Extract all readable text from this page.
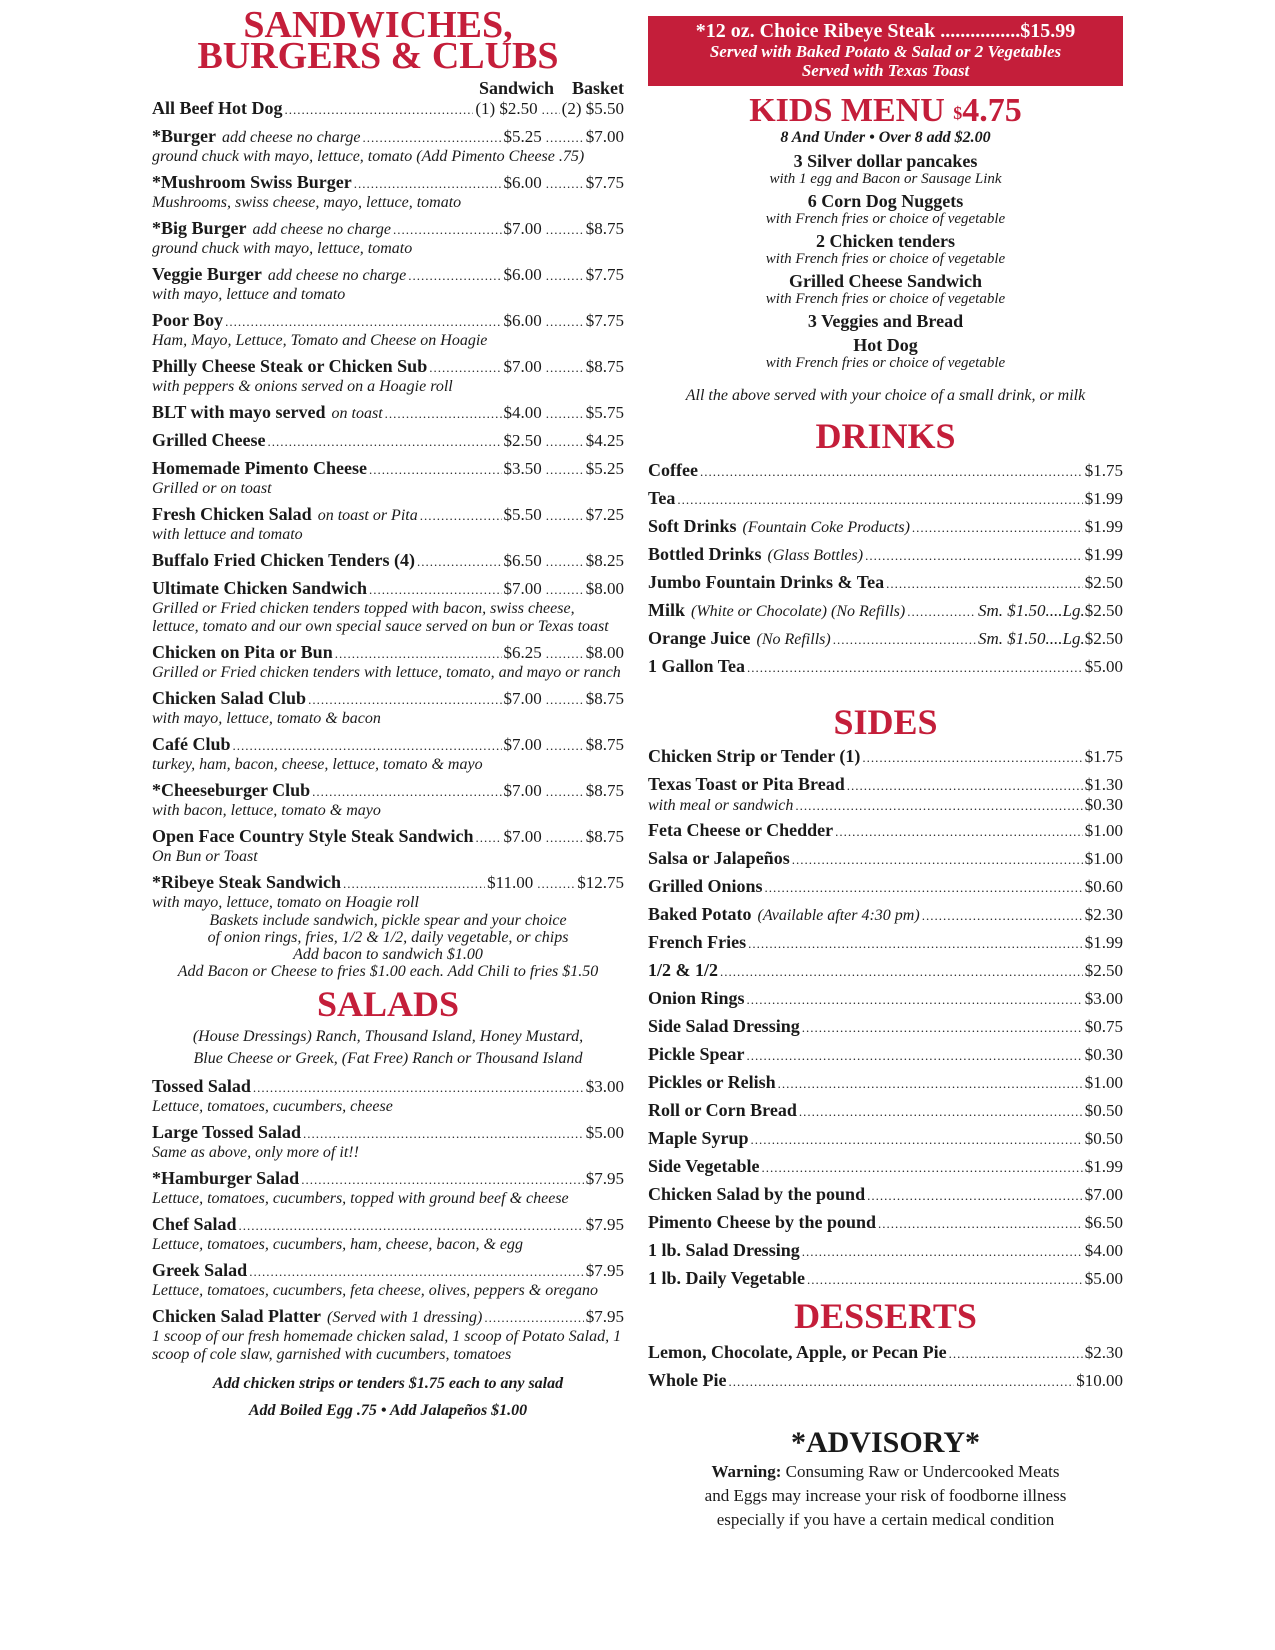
SANDWICHES,
BURGERS & CLUBS
Sandwich Basket
All Beef Hot Dog .....	(1) $2.50 ..... (2) $5.50
*Burger add cheese no charge .....	$5.25 .....	$7.00
ground chuck with mayo, lettuce, tomato (Add Pimento Cheese .75)
*Mushroom Swiss Burger .....	$6.00 .....	$7.75
Mushrooms, swiss cheese, mayo, lettuce, tomato
*Big Burger add cheese no charge .....	$7.00 .....	$8.75
ground chuck with mayo, lettuce, tomato
Veggie Burger add cheese no charge .....	$6.00 .....	$7.75
with mayo, lettuce and tomato
Poor Boy .....	$6.00 .....	$7.75
Ham, Mayo, Lettuce, Tomato and Cheese on Hoagie
Philly Cheese Steak or Chicken Sub .....	$7.00 .....	$8.75
with peppers & onions served on a Hoagie roll
BLT with mayo served on toast .....	$4.00 .....	$5.75
Grilled Cheese .....	$2.50 .....	$4.25
Homemade Pimento Cheese .....	$3.50 .....	$5.25
Grilled or on toast
Fresh Chicken Salad on toast or Pita .....	$5.50 .....	$7.25
with lettuce and tomato
Buffalo Fried Chicken Tenders (4) .....	$6.50 .....	$8.25
Ultimate Chicken Sandwich .....	$7.00 .....	$8.00
Grilled or Fried chicken tenders topped with bacon, swiss cheese, lettuce, tomato and our own special sauce served on bun or Texas toast
Chicken on Pita or Bun .....	$6.25 .....	$8.00
Grilled or Fried chicken tenders with lettuce, tomato, and mayo or ranch
Chicken Salad Club .....	$7.00 .....	$8.75
with mayo, lettuce, tomato & bacon
Café Club .....	$7.00 .....	$8.75
turkey, ham, bacon, cheese, lettuce, tomato & mayo
*Cheeseburger Club .....	$7.00 .....	$8.75
with bacon, lettuce, tomato & mayo
Open Face Country Style Steak Sandwich ..... $7.00 .....	$8.75
On Bun or Toast
*Ribeye Steak Sandwich .....	$11.00 .....	$12.75
with mayo, lettuce, tomato on Hoagie roll
Baskets include sandwich, pickle spear and your choice
of onion rings, fries, 1/2 & 1/2, daily vegetable, or chips
Add bacon to sandwich $1.00
Add Bacon or Cheese to fries $1.00 each. Add Chili to fries $1.50
SALADS
(House Dressings) Ranch, Thousand Island, Honey Mustard,
Blue Cheese or Greek, (Fat Free) Ranch or Thousand Island
Tossed Salad .....	$3.00
Lettuce, tomatoes, cucumbers, cheese
Large Tossed Salad .....	$5.00
Same as above, only more of it!!
*Hamburger Salad .....	$7.95
Lettuce, tomatoes, cucumbers, topped with ground beef & cheese
Chef Salad .....	$7.95
Lettuce, tomatoes, cucumbers, ham, cheese, bacon, & egg
Greek Salad .....	$7.95
Lettuce, tomatoes, cucumbers, feta cheese, olives, peppers & oregano
Chicken Salad Platter (Served with 1 dressing) .....	$7.95
1 scoop of our fresh homemade chicken salad, 1 scoop of Potato Salad, 1 scoop of cole slaw, garnished with cucumbers, tomatoes
Add chicken strips or tenders $1.75 each to any salad
Add Boiled Egg .75 • Add Jalapeños $1.00
*12 oz. Choice Ribeye Steak ................$15.99
Served with Baked Potato & Salad or 2 Vegetables
Served with Texas Toast
KIDS MENU $4.75
8 And Under • Over 8 add $2.00
3 Silver dollar pancakes
with 1 egg and Bacon or Sausage Link
6 Corn Dog Nuggets
with French fries or choice of vegetable
2 Chicken tenders
with French fries or choice of vegetable
Grilled Cheese Sandwich
with French fries or choice of vegetable
3 Veggies and Bread
Hot Dog
with French fries or choice of vegetable
All the above served with your choice of a small drink, or milk
DRINKS
Coffee .....	$1.75
Tea .....	$1.99
Soft Drinks (Fountain Coke Products) .....	$1.99
Bottled Drinks (Glass Bottles) .....	$1.99
Jumbo Fountain Drinks & Tea .....	$2.50
Milk (White or Chocolate) (No Refills) .....	Sm. $1.50....Lg. $2.50
Orange Juice (No Refills) .....	Sm. $1.50....Lg. $2.50
1 Gallon Tea .....	$5.00
SIDES
Chicken Strip or Tender (1) .....	$1.75
Texas Toast or Pita Bread .....	$1.30
with meal or sandwich .....	$0.30
Feta Cheese or Chedder .....	$1.00
Salsa or Jalapeños .....	$1.00
Grilled Onions .....	$0.60
Baked Potato (Available after 4:30 pm) .....	$2.30
French Fries .....	$1.99
1/2 & 1/2 .....	$2.50
Onion Rings .....	$3.00
Side Salad Dressing .....	$0.75
Pickle Spear .....	$0.30
Pickles or Relish .....	$1.00
Roll or Corn Bread .....	$0.50
Maple Syrup .....	$0.50
Side Vegetable .....	$1.99
Chicken Salad by the pound .....	$7.00
Pimento Cheese by the pound .....	$6.50
1 lb. Salad Dressing .....	$4.00
1 lb. Daily Vegetable .....	$5.00
DESSERTS
Lemon, Chocolate, Apple, or Pecan Pie .....	$2.30
Whole Pie .....	$10.00
*ADVISORY*
Warning: Consuming Raw or Undercooked Meats
and Eggs may increase your risk of foodborne illness
especially if you have a certain medical condition
